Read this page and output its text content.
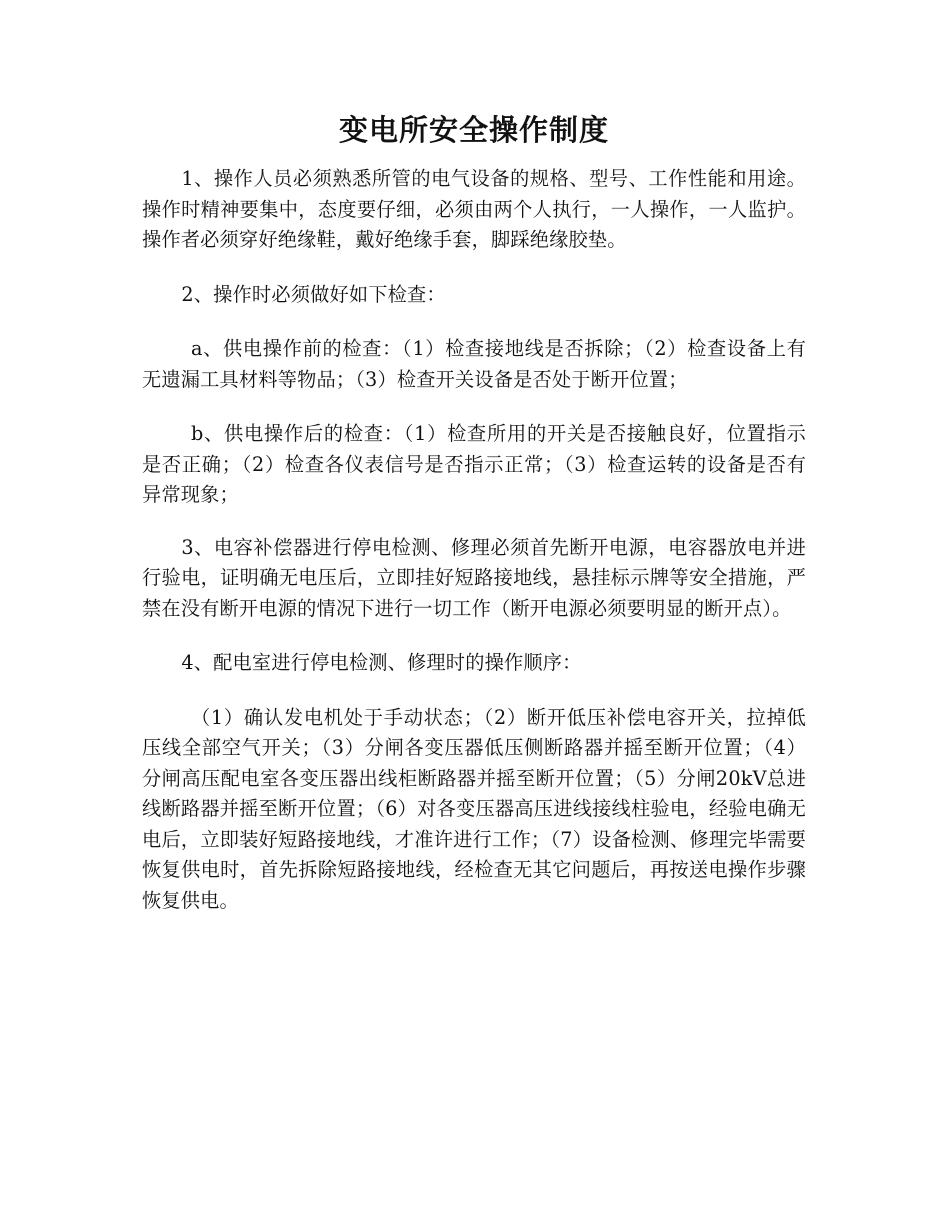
变电所安全操作制度

1、操作人员必须熟悉所管的电气设备的规格、型号、工作性能和用途。操作时精神要集中，态度要仔细，必须由两个人执行，一人操作，一人监护。操作者必须穿好绝缘鞋，戴好绝缘手套，脚踩绝缘胶垫。

2、操作时必须做好如下检查：

a、供电操作前的检查：（1）检查接地线是否拆除；（2）检查设备上有无遗漏工具材料等物品；（3）检查开关设备是否处于断开位置；

b、供电操作后的检查：（1）检查所用的开关是否接触良好，位置指示是否正确；（2）检查各仪表信号是否指示正常；（3）检查运转的设备是否有异常现象；

3、电容补偿器进行停电检测、修理必须首先断开电源，电容器放电并进行验电，证明确无电压后，立即挂好短路接地线，悬挂标示牌等安全措施，严禁在没有断开电源的情况下进行一切工作（断开电源必须要明显的断开点）。

4、配电室进行停电检测、修理时的操作顺序：

（1）确认发电机处于手动状态；（2）断开低压补偿电容开关，拉掉低压线全部空气开关；（3）分闸各变压器低压侧断路器并摇至断开位置；（4）分闸高压配电室各变压器出线柜断路器并摇至断开位置；（5）分闸20kV总进线断路器并摇至断开位置；（6）对各变压器高压进线接线柱验电，经验电确无电后，立即装好短路接地线，才准许进行工作；（7）设备检测、修理完毕需要恢复供电时，首先拆除短路接地线，经检查无其它问题后，再按送电操作步骤恢复供电。
